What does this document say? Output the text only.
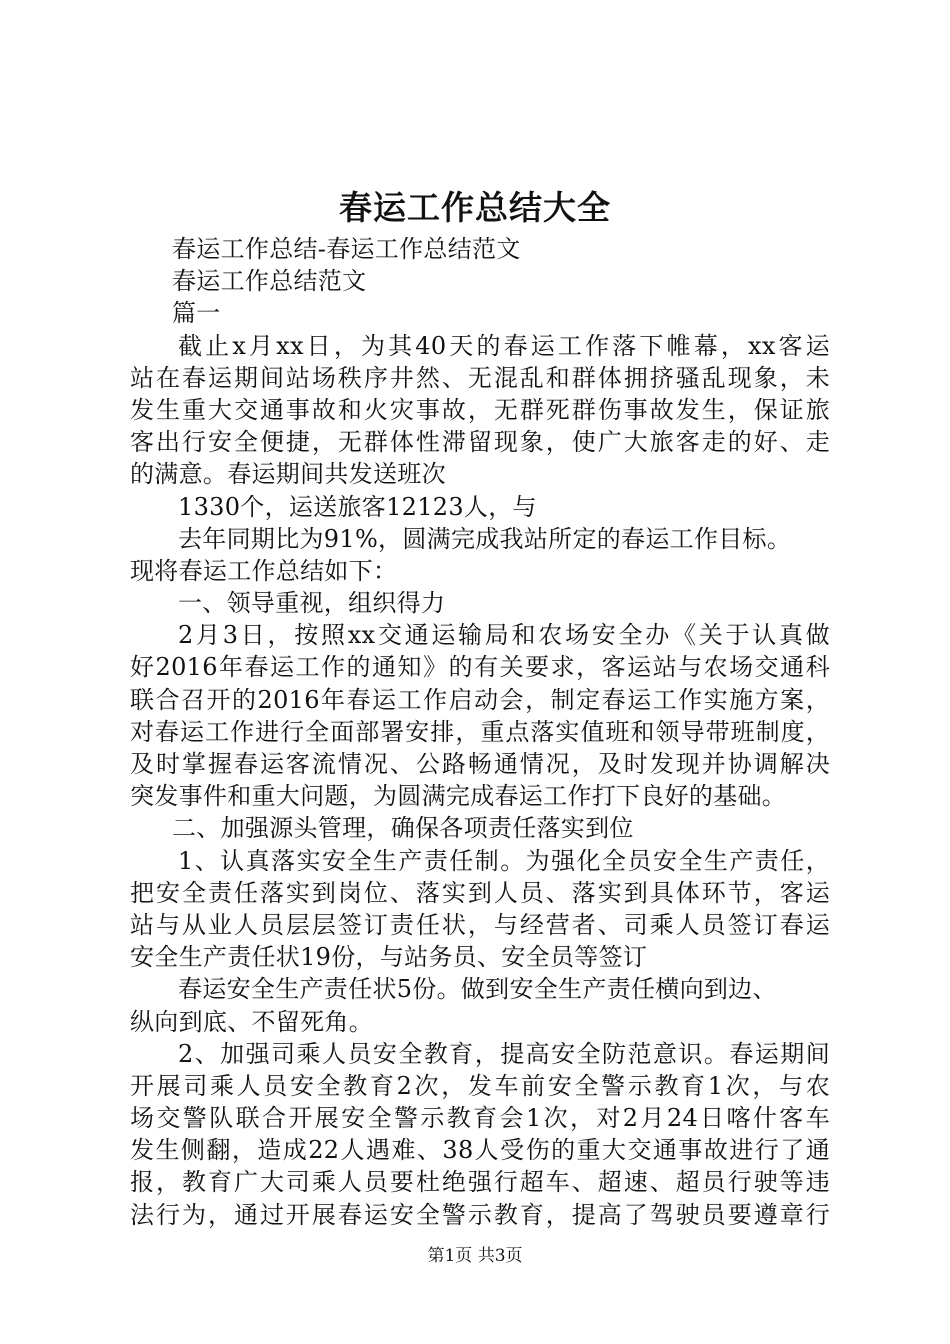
春运工作总结大全
春运工作总结-春运工作总结范文
春运工作总结范文
篇一
截止x月xx日，为其40天的春运工作落下帷幕，xx客运
站在春运期间站场秩序井然、无混乱和群体拥挤骚乱现象，未
发生重大交通事故和火灾事故，无群死群伤事故发生，保证旅
客出行安全便捷，无群体性滞留现象，使广大旅客走的好、走
的满意。春运期间共发送班次
1330个，运送旅客12123人，与
去年同期比为91%，圆满完成我站所定的春运工作目标。
现将春运工作总结如下：
一、领导重视，组织得力
2月3日，按照xx交通运输局和农场安全办《关于认真做
好2016年春运工作的通知》的有关要求，客运站与农场交通科
联合召开的2016年春运工作启动会，制定春运工作实施方案，
对春运工作进行全面部署安排，重点落实值班和领导带班制度，
及时掌握春运客流情况、公路畅通情况，及时发现并协调解决
突发事件和重大问题，为圆满完成春运工作打下良好的基础。
二、加强源头管理，确保各项责任落实到位
1、认真落实安全生产责任制。为强化全员安全生产责任，
把安全责任落实到岗位、落实到人员、落实到具体环节，客运
站与从业人员层层签订责任状，与经营者、司乘人员签订春运
安全生产责任状19份，与站务员、安全员等签订
春运安全生产责任状5份。做到安全生产责任横向到边、
纵向到底、不留死角。
2、加强司乘人员安全教育，提高安全防范意识。春运期间
开展司乘人员安全教育2次，发车前安全警示教育1次，与农
场交警队联合开展安全警示教育会1次，对2月24日喀什客车
发生侧翻，造成22人遇难、38人受伤的重大交通事故进行了通
报，教育广大司乘人员要杜绝强行超车、超速、超员行驶等违
法行为，通过开展春运安全警示教育，提高了驾驶员要遵章行
第1页 共3页
